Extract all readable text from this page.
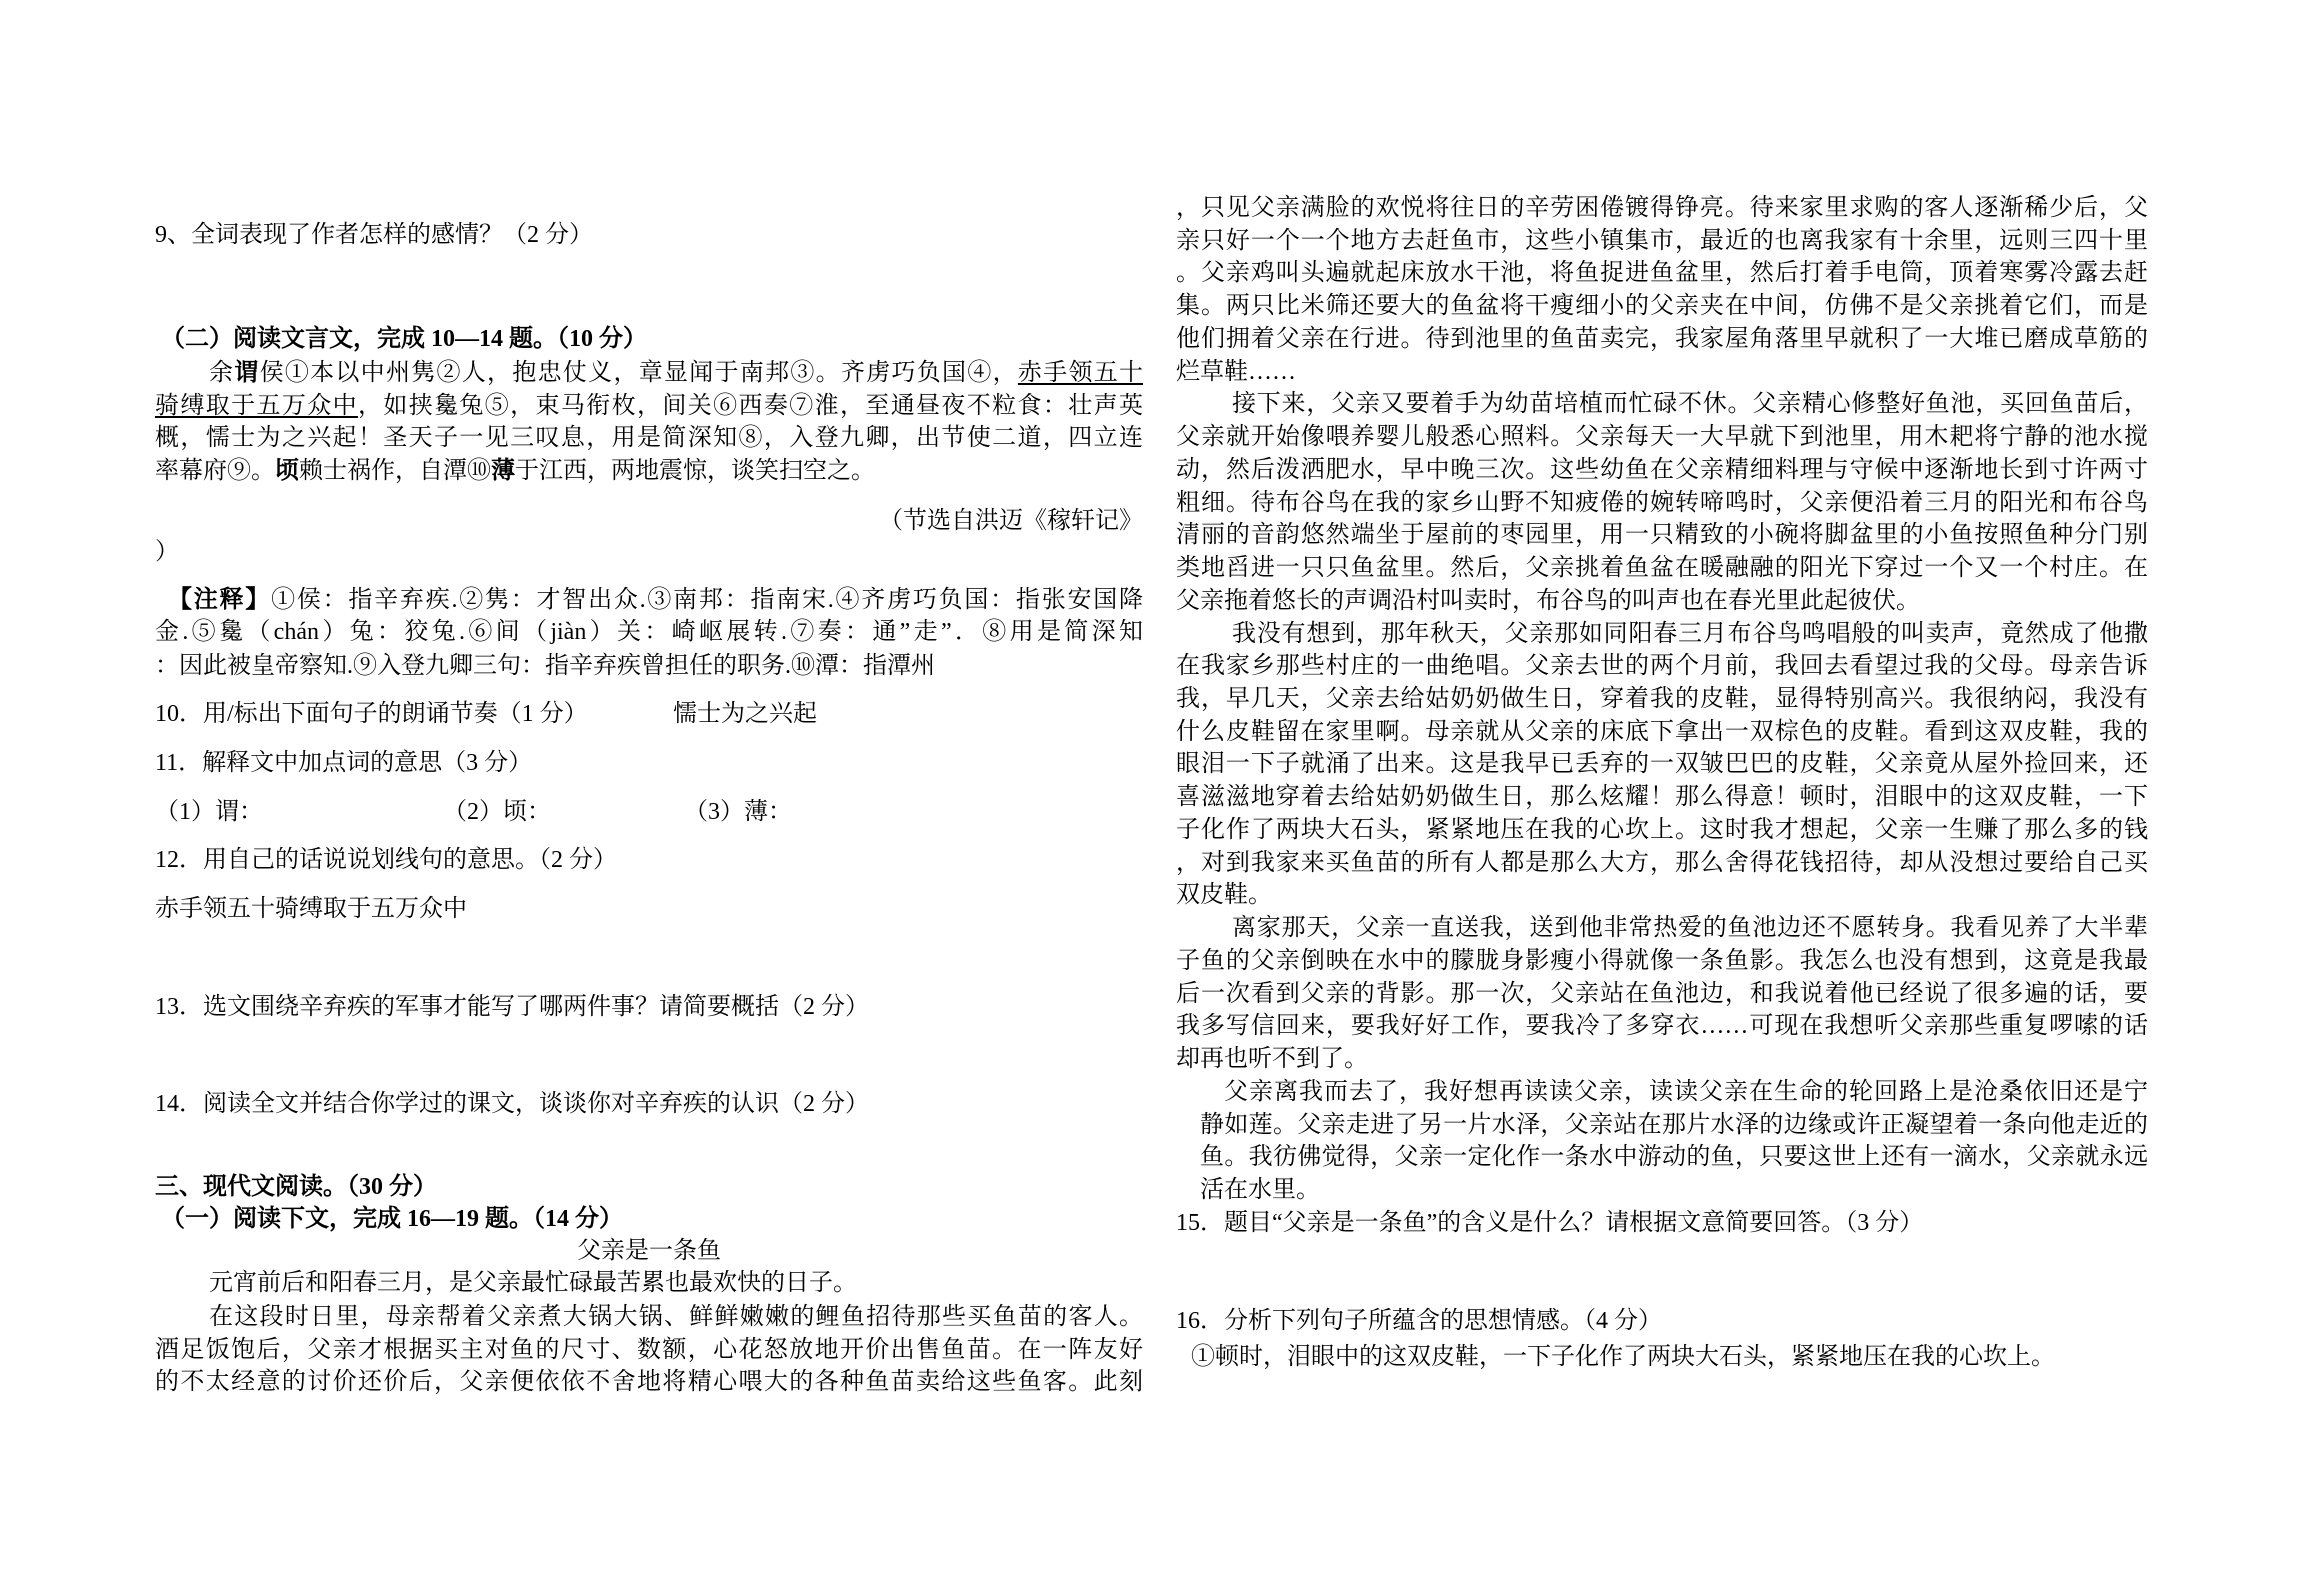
9、全词表现了作者怎样的感情？（2 分）
（二）阅读文言文，完成 10—14 题。（10 分）
余谓侯①本以中州隽②人，抱忠仗义，章显闻于南邦③。齐虏巧负国④，赤手领五十
骑缚取于五万众中，如挟毚兔⑤，束马衔枚，间关⑥西奏⑦淮，至通昼夜不粒食：壮声英
概，懦士为之兴起！圣天子一见三叹息，用是简深知⑧，入登九卿，出节使二道，四立连
率幕府⑨。顷赖士祸作，自潭⑩薄于江西，两地震惊，谈笑扫空之。
（节选自洪迈《稼轩记》
）
【注释】①侯：指辛弃疾.②隽：才智出众.③南邦：指南宋.④齐虏巧负国：指张安国降
金.⑤毚（chán）兔：狡兔.⑥间（jiàn）关：崎岖展转.⑦奏：通”走”．⑧用是简深知
：因此被皇帝察知.⑨入登九卿三句：指辛弃疾曾担任的职务.⑩潭：指潭州
10．用/标出下面句子的朗诵节奏（1 分）	懦士为之兴起
11．解释文中加点词的意思（3 分）
（1）谓：	（2）顷：	（3）薄：
12．用自己的话说说划线句的意思。（2 分）
赤手领五十骑缚取于五万众中
13．选文围绕辛弃疾的军事才能写了哪两件事？请简要概括（2 分）
14．阅读全文并结合你学过的课文，谈谈你对辛弃疾的认识（2 分）
三、现代文阅读。（30 分）
（一）阅读下文，完成 16—19 题。（14 分）
父亲是一条鱼
元宵前后和阳春三月，是父亲最忙碌最苦累也最欢快的日子。
在这段时日里，母亲帮着父亲煮大锅大锅、鲜鲜嫩嫩的鲤鱼招待那些买鱼苗的客人。
酒足饭饱后，父亲才根据买主对鱼的尺寸、数额，心花怒放地开价出售鱼苗。在一阵友好
的不太经意的讨价还价后，父亲便依依不舍地将精心喂大的各种鱼苗卖给这些鱼客。此刻
，只见父亲满脸的欢悦将往日的辛劳困倦镀得铮亮。待来家里求购的客人逐渐稀少后，父
亲只好一个一个地方去赶鱼市，这些小镇集市，最近的也离我家有十余里，远则三四十里
。父亲鸡叫头遍就起床放水干池，将鱼捉进鱼盆里，然后打着手电筒，顶着寒雾冷露去赶
集。两只比米筛还要大的鱼盆将干瘦细小的父亲夹在中间，仿佛不是父亲挑着它们，而是
他们拥着父亲在行进。待到池里的鱼苗卖完，我家屋角落里早就积了一大堆已磨成草筋的
烂草鞋……
接下来，父亲又要着手为幼苗培植而忙碌不休。父亲精心修整好鱼池，买回鱼苗后，
父亲就开始像喂养婴儿般悉心照料。父亲每天一大早就下到池里，用木耙将宁静的池水搅
动，然后泼洒肥水，早中晚三次。这些幼鱼在父亲精细料理与守候中逐渐地长到寸许两寸
粗细。待布谷鸟在我的家乡山野不知疲倦的婉转啼鸣时，父亲便沿着三月的阳光和布谷鸟
清丽的音韵悠然端坐于屋前的枣园里，用一只精致的小碗将脚盆里的小鱼按照鱼种分门别
类地舀进一只只鱼盆里。然后，父亲挑着鱼盆在暖融融的阳光下穿过一个又一个村庄。在
父亲拖着悠长的声调沿村叫卖时，布谷鸟的叫声也在春光里此起彼伏。
我没有想到，那年秋天，父亲那如同阳春三月布谷鸟鸣唱般的叫卖声，竟然成了他撒
在我家乡那些村庄的一曲绝唱。父亲去世的两个月前，我回去看望过我的父母。母亲告诉
我，早几天，父亲去给姑奶奶做生日，穿着我的皮鞋，显得特别高兴。我很纳闷，我没有
什么皮鞋留在家里啊。母亲就从父亲的床底下拿出一双棕色的皮鞋。看到这双皮鞋，我的
眼泪一下子就涌了出来。这是我早已丢弃的一双皱巴巴的皮鞋，父亲竟从屋外捡回来，还
喜滋滋地穿着去给姑奶奶做生日，那么炫耀！那么得意！顿时，泪眼中的这双皮鞋，一下
子化作了两块大石头，紧紧地压在我的心坎上。这时我才想起，父亲一生赚了那么多的钱
，对到我家来买鱼苗的所有人都是那么大方，那么舍得花钱招待，却从没想过要给自己买
双皮鞋。
离家那天，父亲一直送我，送到他非常热爱的鱼池边还不愿转身。我看见养了大半辈
子鱼的父亲倒映在水中的朦胧身影瘦小得就像一条鱼影。我怎么也没有想到，这竟是我最
后一次看到父亲的背影。那一次，父亲站在鱼池边，和我说着他已经说了很多遍的话，要
我多写信回来，要我好好工作，要我冷了多穿衣……可现在我想听父亲那些重复啰嗦的话
却再也听不到了。
父亲离我而去了，我好想再读读父亲，读读父亲在生命的轮回路上是沧桑依旧还是宁
静如莲。父亲走进了另一片水泽，父亲站在那片水泽的边缘或许正凝望着一条向他走近的
鱼。我彷佛觉得，父亲一定化作一条水中游动的鱼，只要这世上还有一滴水，父亲就永远
活在水里。
15．题目“父亲是一条鱼”的含义是什么？请根据文意简要回答。（3 分）
16．分析下列句子所蕴含的思想情感。（4 分）
①顿时，泪眼中的这双皮鞋，一下子化作了两块大石头，紧紧地压在我的心坎上。
